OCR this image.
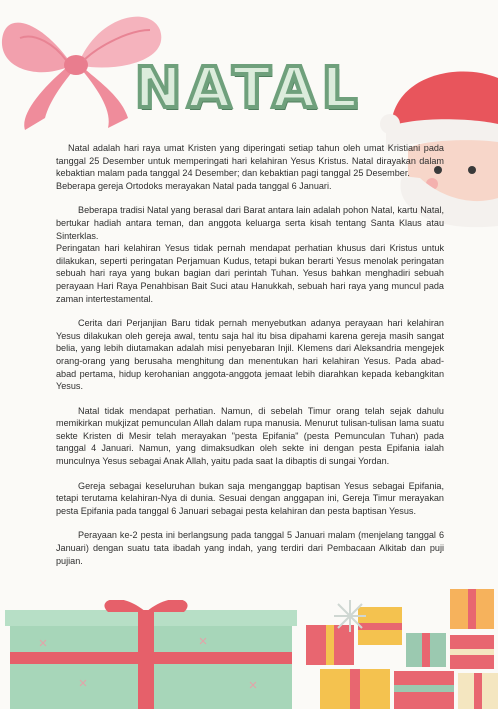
NATAL

Natal adalah hari raya umat Kristen yang diperingati setiap tahun oleh umat Kristiani pada tanggal 25 Desember untuk memperingati hari kelahiran Yesus Kristus. Natal dirayakan dalam kebaktian malam pada tanggal 24 Desember; dan kebaktian pagi tanggal 25 Desember.

Beberapa gereja Ortodoks merayakan Natal pada tanggal 6 Januari.

Beberapa tradisi Natal yang berasal dari Barat antara lain adalah pohon Natal, kartu Natal, bertukar hadiah antara teman, dan anggota keluarga serta kisah tentang Santa Klaus atau Sinterklas.

Peringatan hari kelahiran Yesus tidak pernah mendapat perhatian khusus dari Kristus untuk dilakukan, seperti peringatan Perjamuan Kudus, tetapi bukan berarti Yesus menolak peringatan sebuah hari raya yang bukan bagian dari perintah Tuhan. Yesus bahkan menghadiri sebuah perayaan Hari Raya Penahbisan Bait Suci atau Hanukkah, sebuah hari raya yang muncul pada zaman intertestamental.

Cerita dari Perjanjian Baru tidak pernah menyebutkan adanya perayaan hari kelahiran Yesus dilakukan oleh gereja awal, tentu saja hal itu bisa dipahami karena gereja masih sangat belia, yang lebih diutamakan adalah misi penyebaran Injil. Klemens dari Aleksandria mengejek orang-orang yang berusaha menghitung dan menentukan hari kelahiran Yesus. Pada abad-abad pertama, hidup kerohanian anggota-anggota jemaat lebih diarahkan kepada kebangkitan Yesus.

Natal tidak mendapat perhatian. Namun, di sebelah Timur orang telah sejak dahulu memikirkan mukjizat pemunculan Allah dalam rupa manusia. Menurut tulisan-tulisan lama suatu sekte Kristen di Mesir telah merayakan "pesta Epifania" (pesta Pemunculan Tuhan) pada tanggal 4 Januari. Namun, yang dimaksudkan oleh sekte ini dengan pesta Epifania ialah munculnya Yesus sebagai Anak Allah, yaitu pada saat Ia dibaptis di sungai Yordan.

Gereja sebagai keseluruhan bukan saja menganggap baptisan Yesus sebagai Epifania, tetapi terutama kelahiran-Nya di dunia. Sesuai dengan anggapan ini, Gereja Timur merayakan pesta Epifania pada tanggal 6 Januari sebagai pesta kelahiran dan pesta baptisan Yesus.

Perayaan ke-2 pesta ini berlangsung pada tanggal 5 Januari malam (menjelang tanggal 6 Januari) dengan suatu tata ibadah yang indah, yang terdiri dari Pembacaan Alkitab dan puji pujian.
